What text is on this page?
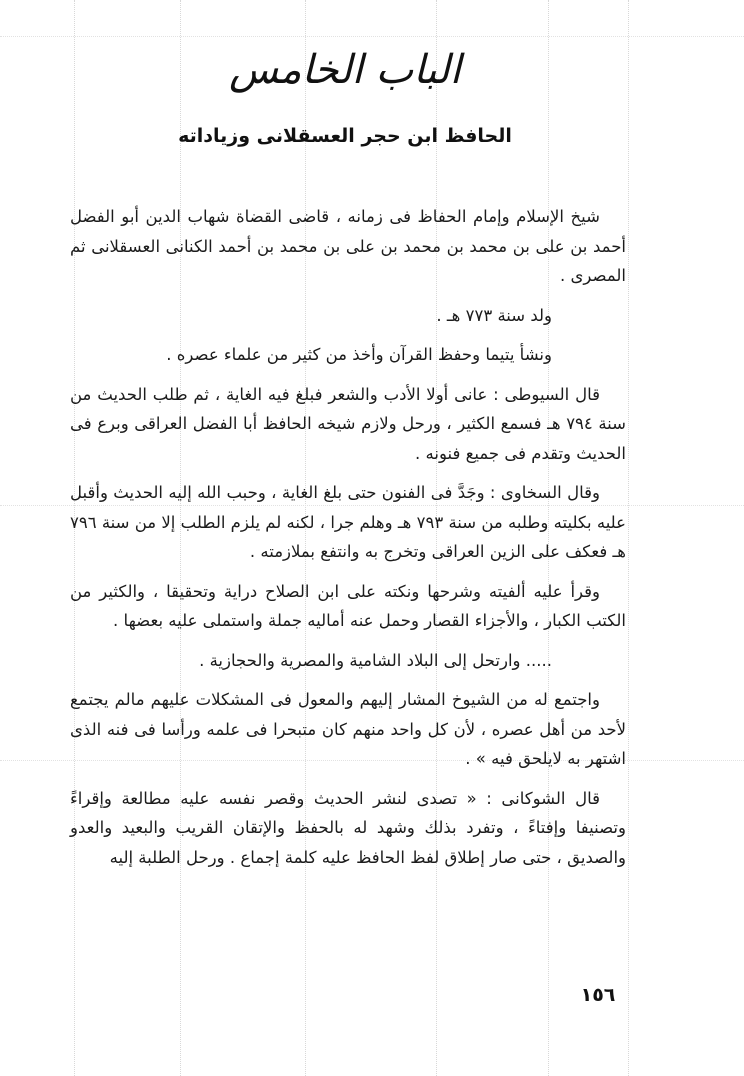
الباب الخامس
الحافظ ابن حجر العسقلانى وزياداته

شيخ الإسلام وإمام الحفاظ فى زمانه ، قاضى القضاة شهاب الدين أبو الفضل أحمد بن على بن محمد بن محمد بن على بن محمد بن أحمد الكنانى العسقلانى ثم المصرى .

ولد سنة ٧٧٣ هـ .

ونشأ يتيما وحفظ القرآن وأخذ من كثير من علماء عصره .

قال السيوطى : عانى أولا الأدب والشعر فبلغ فيه الغاية ، ثم طلب الحديث من سنة ٧٩٤ هـ فسمع الكثير ، ورحل ولازم شيخه الحافظ أبا الفضل العراقى وبرع فى الحديث وتقدم فى جميع فنونه .

وقال السخاوى : وجَدَّ فى الفنون حتى بلغ الغاية ، وحبب الله إليه الحديث وأقبل عليه بكليته وطلبه من سنة ٧٩٣ هـ وهلم جرا ، لكنه لم يلزم الطلب إلا من سنة ٧٩٦ هـ فعكف على الزين العراقى وتخرج به وانتفع بملازمته .

وقرأ عليه ألفيته وشرحها ونكته على ابن الصلاح دراية وتحقيقا ، والكثير من الكتب الكبار ، والأجزاء القصار وحمل عنه أماليه جملة واستملى عليه بعضها .

..... وارتحل إلى البلاد الشامية والمصرية والحجازية .

واجتمع له من الشيوخ المشار إليهم والمعول فى المشكلات عليهم مالم يجتمع لأحد من أهل عصره ، لأن كل واحد منهم كان متبحرا فى علمه ورأسا فى فنه الذى اشتهر به لايلحق فيه » .

قال الشوكانى : « تصدى لنشر الحديث وقصر نفسه عليه مطالعة وإقراءً وتصنيفا وإفتاءً ، وتفرد بذلك وشهد له بالحفظ والإتقان القريب والبعيد والعدو والصديق ، حتى صار إطلاق لفظ الحافظ عليه كلمة إجماع . ورحل الطلبة إليه

١٥٦
